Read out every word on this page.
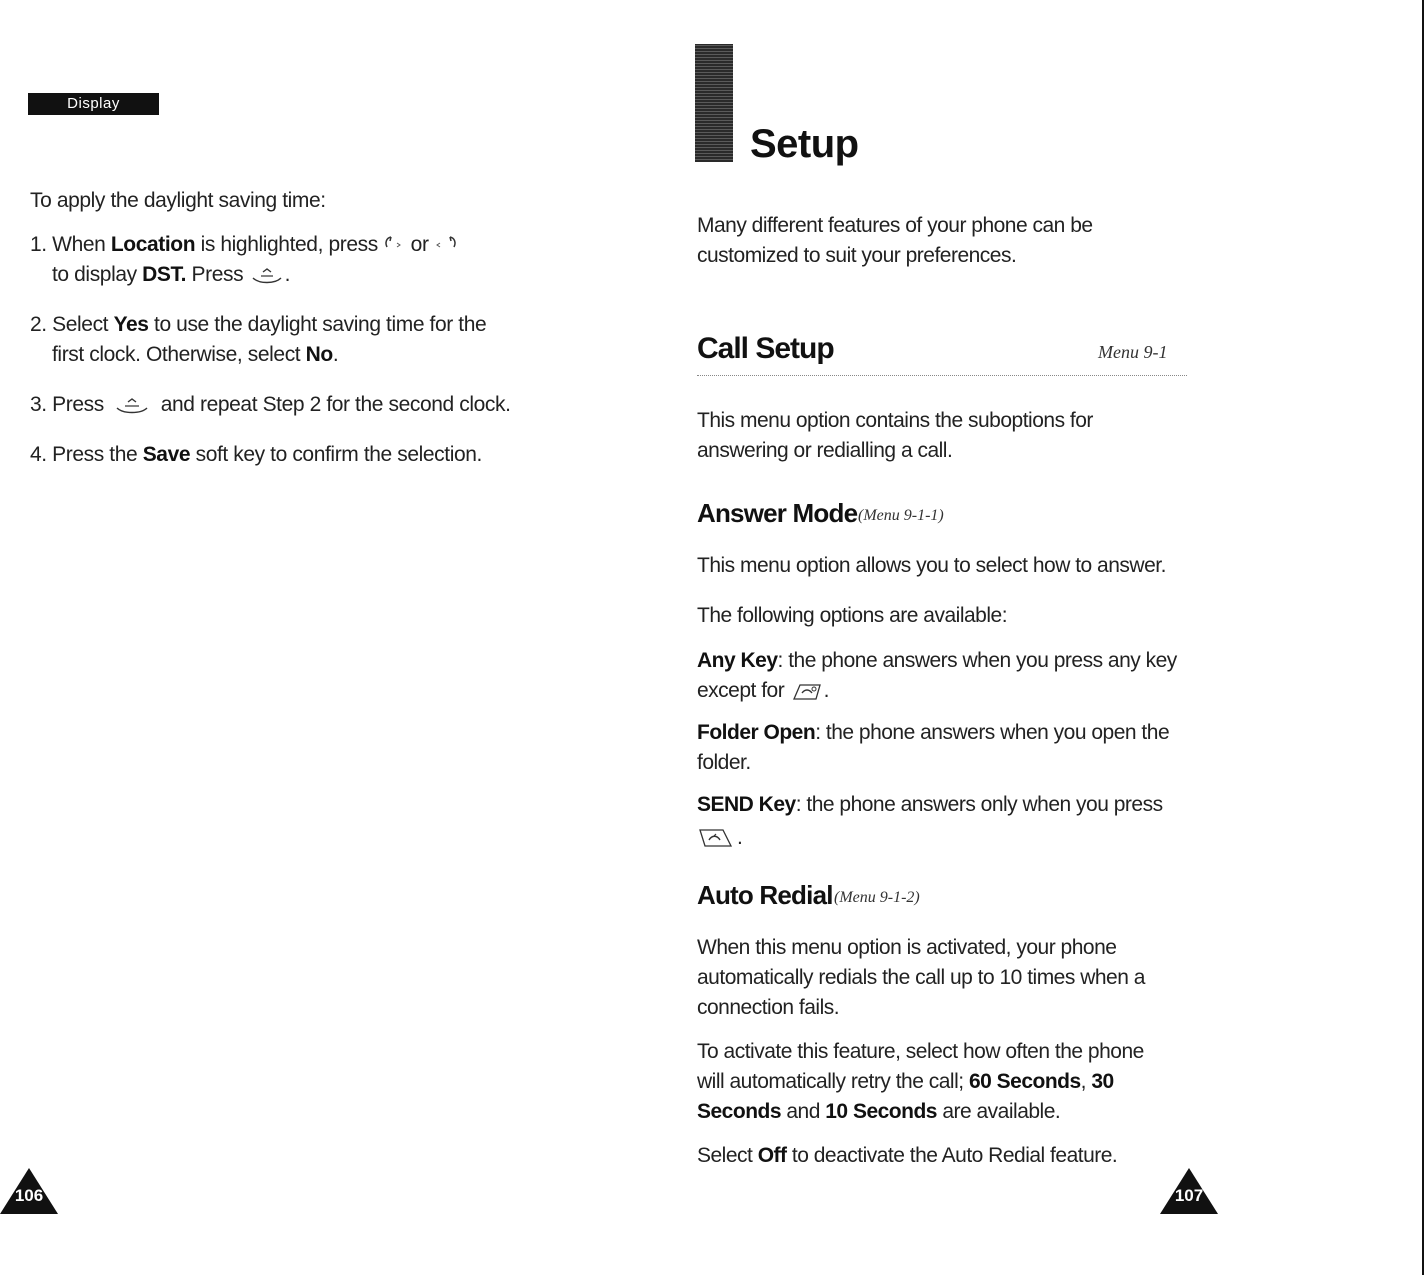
Display
To apply the daylight saving time:
1. When Location is highlighted, press
or

to display DST. Press
.
2. Select Yes to use the daylight saving time for the
first clock. Otherwise, select No.
3. Press
and repeat Step 2 for the second clock.
4. Press the Save soft key to confirm the selection.
106
Setup
Many different features of your phone can be
customized to suit your preferences.
Call Setup	Menu 9-1
This menu option contains the suboptions for
answering or redialling a call.
Answer Mode (Menu 9-1-1)
This menu option allows you to select how to answer.
The following options are available:
Any Key: the phone answers when you press any key
except for
.
Folder Open: the phone answers when you open the
folder.
SEND Key: the phone answers only when you press
.
Auto Redial (Menu 9-1-2)
When this menu option is activated, your phone
automatically redials the call up to 10 times when a
connection fails.
To activate this feature, select how often the phone
will automatically retry the call; 60 Seconds, 30
Seconds and 10 Seconds are available.
Select Off to deactivate the Auto Redial feature.
107
